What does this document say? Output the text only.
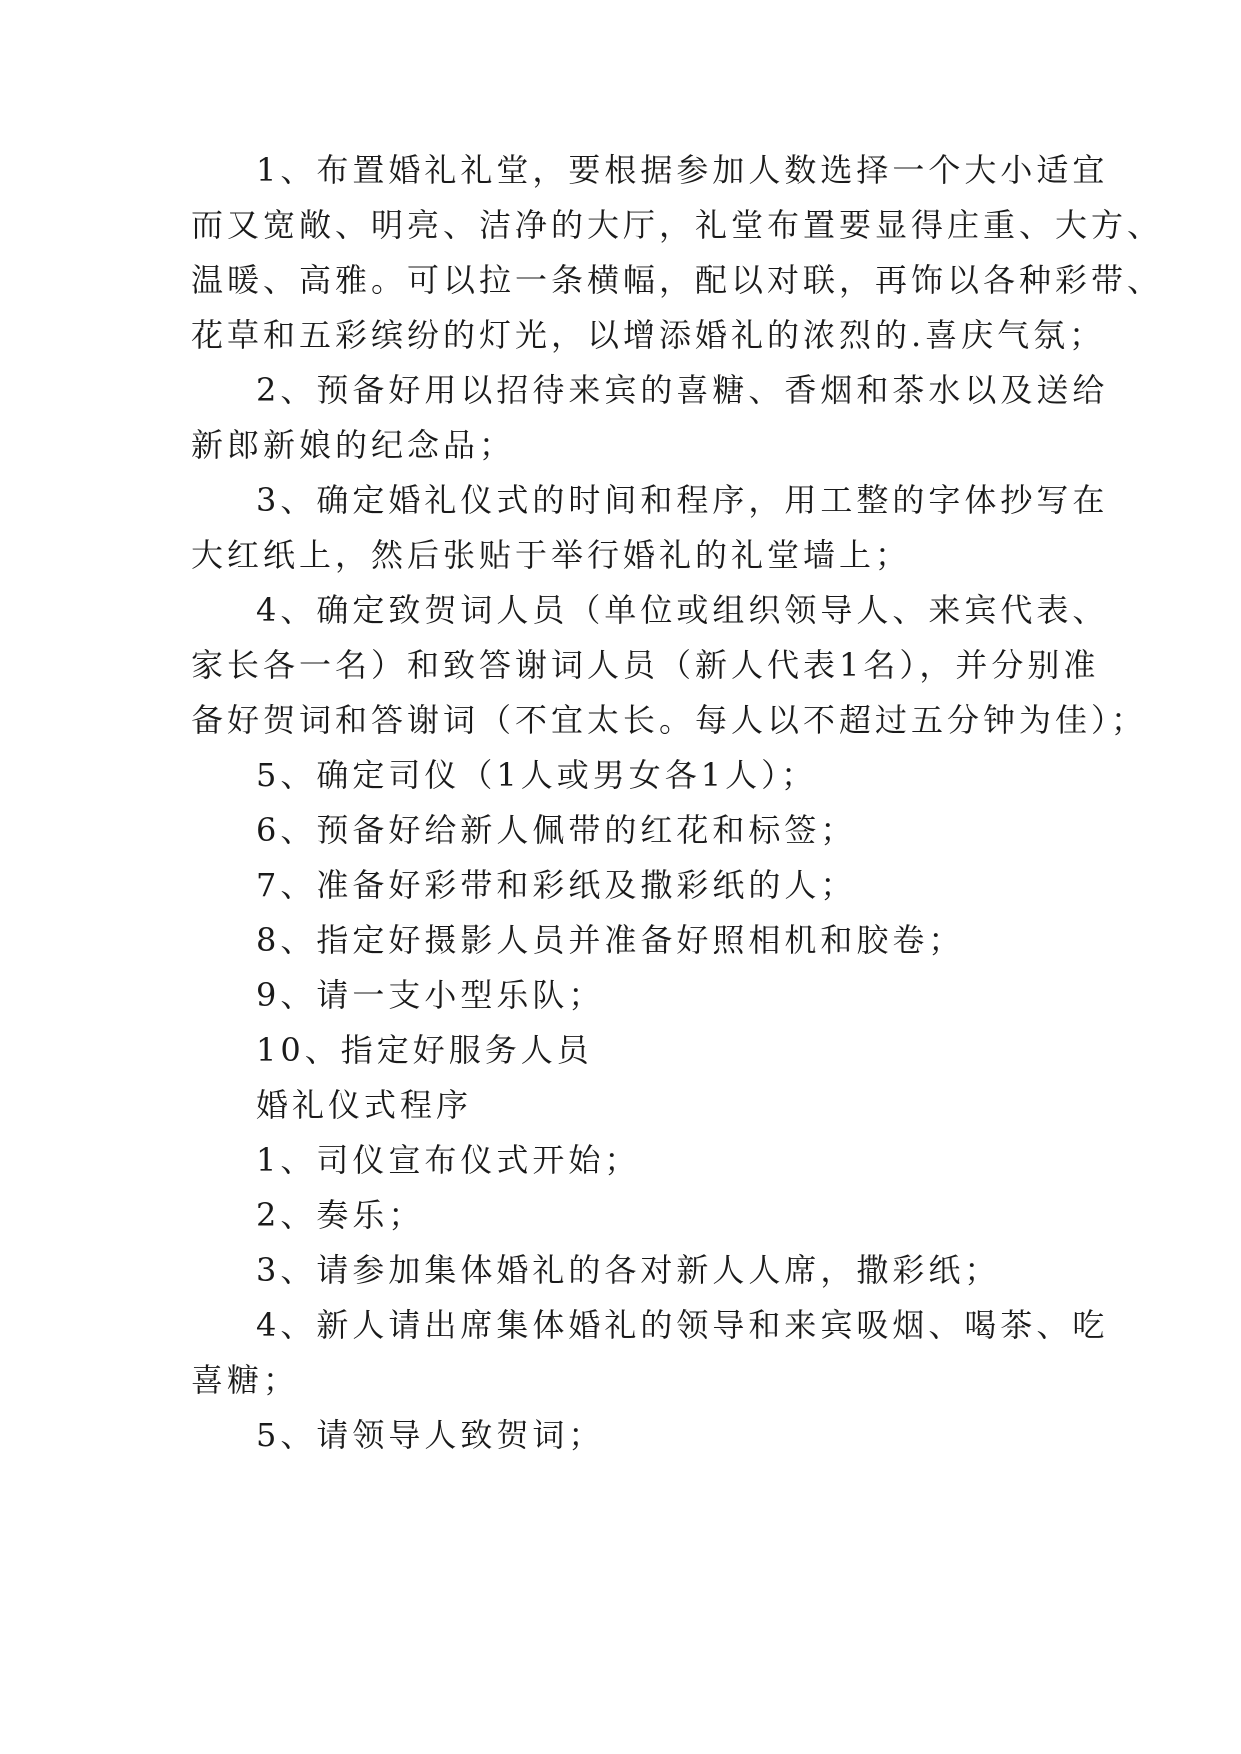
1、布置婚礼礼堂，要根据参加人数选择一个大小适宜
而又宽敞、明亮、洁净的大厅，礼堂布置要显得庄重、大方、
温暖、高雅。可以拉一条横幅，配以对联，再饰以各种彩带、
花草和五彩缤纷的灯光，以增添婚礼的浓烈的.喜庆气氛；
2、预备好用以招待来宾的喜糖、香烟和茶水以及送给
新郎新娘的纪念品；
3、确定婚礼仪式的时间和程序，用工整的字体抄写在
大红纸上，然后张贴于举行婚礼的礼堂墙上；
4、确定致贺词人员（单位或组织领导人、来宾代表、
家长各一名）和致答谢词人员（新人代表1名），并分别准
备好贺词和答谢词（不宜太长。每人以不超过五分钟为佳）；
5、确定司仪（1人或男女各1人）；
6、预备好给新人佩带的红花和标签；
7、准备好彩带和彩纸及撒彩纸的人；
8、指定好摄影人员并准备好照相机和胶卷；
9、请一支小型乐队；
10、指定好服务人员
婚礼仪式程序
1、司仪宣布仪式开始；
2、奏乐；
3、请参加集体婚礼的各对新人人席，撒彩纸；
4、新人请出席集体婚礼的领导和来宾吸烟、喝茶、吃
喜糖；
5、请领导人致贺词；
